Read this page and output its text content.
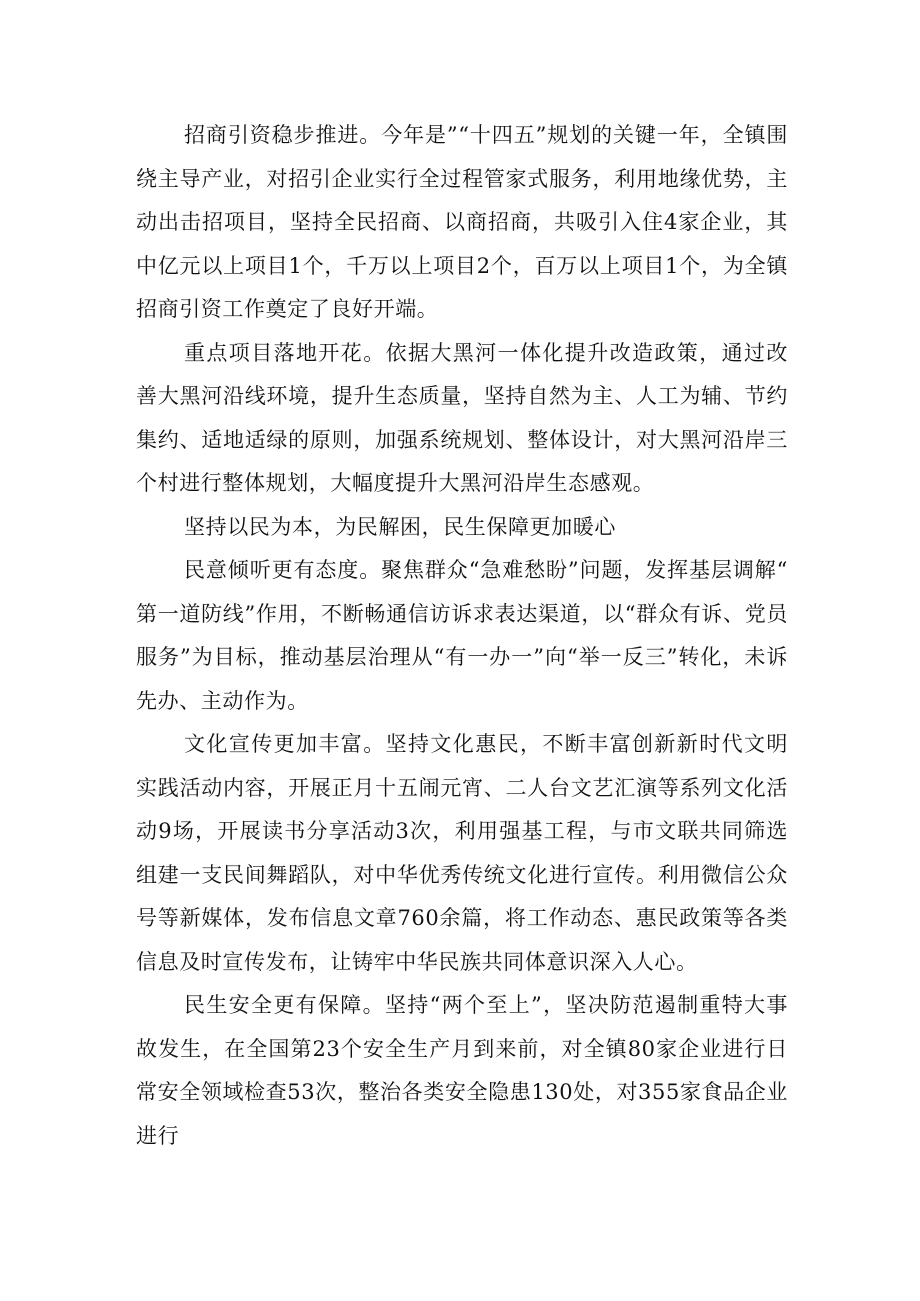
招商引资稳步推进。今年是”“十四五”规划的关键一年，全镇围绕主导产业，对招引企业实行全过程管家式服务，利用地缘优势，主动出击招项目，坚持全民招商、以商招商，共吸引入住4家企业，其中亿元以上项目1个，千万以上项目2个，百万以上项目1个，为全镇招商引资工作奠定了良好开端。

重点项目落地开花。依据大黑河一体化提升改造政策，通过改善大黑河沿线环境，提升生态质量，坚持自然为主、人工为辅、节约集约、适地适绿的原则，加强系统规划、整体设计，对大黑河沿岸三个村进行整体规划，大幅度提升大黑河沿岸生态感观。

坚持以民为本，为民解困，民生保障更加暖心

民意倾听更有态度。聚焦群众“急难愁盼”问题，发挥基层调解“第一道防线”作用，不断畅通信访诉求表达渠道，以“群众有诉、党员服务”为目标，推动基层治理从“有一办一”向“举一反三”转化，未诉先办、主动作为。

文化宣传更加丰富。坚持文化惠民，不断丰富创新新时代文明实践活动内容，开展正月十五闹元宵、二人台文艺汇演等系列文化活动9场，开展读书分享活动3次，利用强基工程，与市文联共同筛选组建一支民间舞蹈队，对中华优秀传统文化进行宣传。利用微信公众号等新媒体，发布信息文章760余篇，将工作动态、惠民政策等各类信息及时宣传发布，让铸牢中华民族共同体意识深入人心。

民生安全更有保障。坚持“两个至上”，坚决防范遏制重特大事故发生，在全国第23个安全生产月到来前，对全镇80家企业进行日常安全领域检查53次，整治各类安全隐患130处，对355家食品企业进行
